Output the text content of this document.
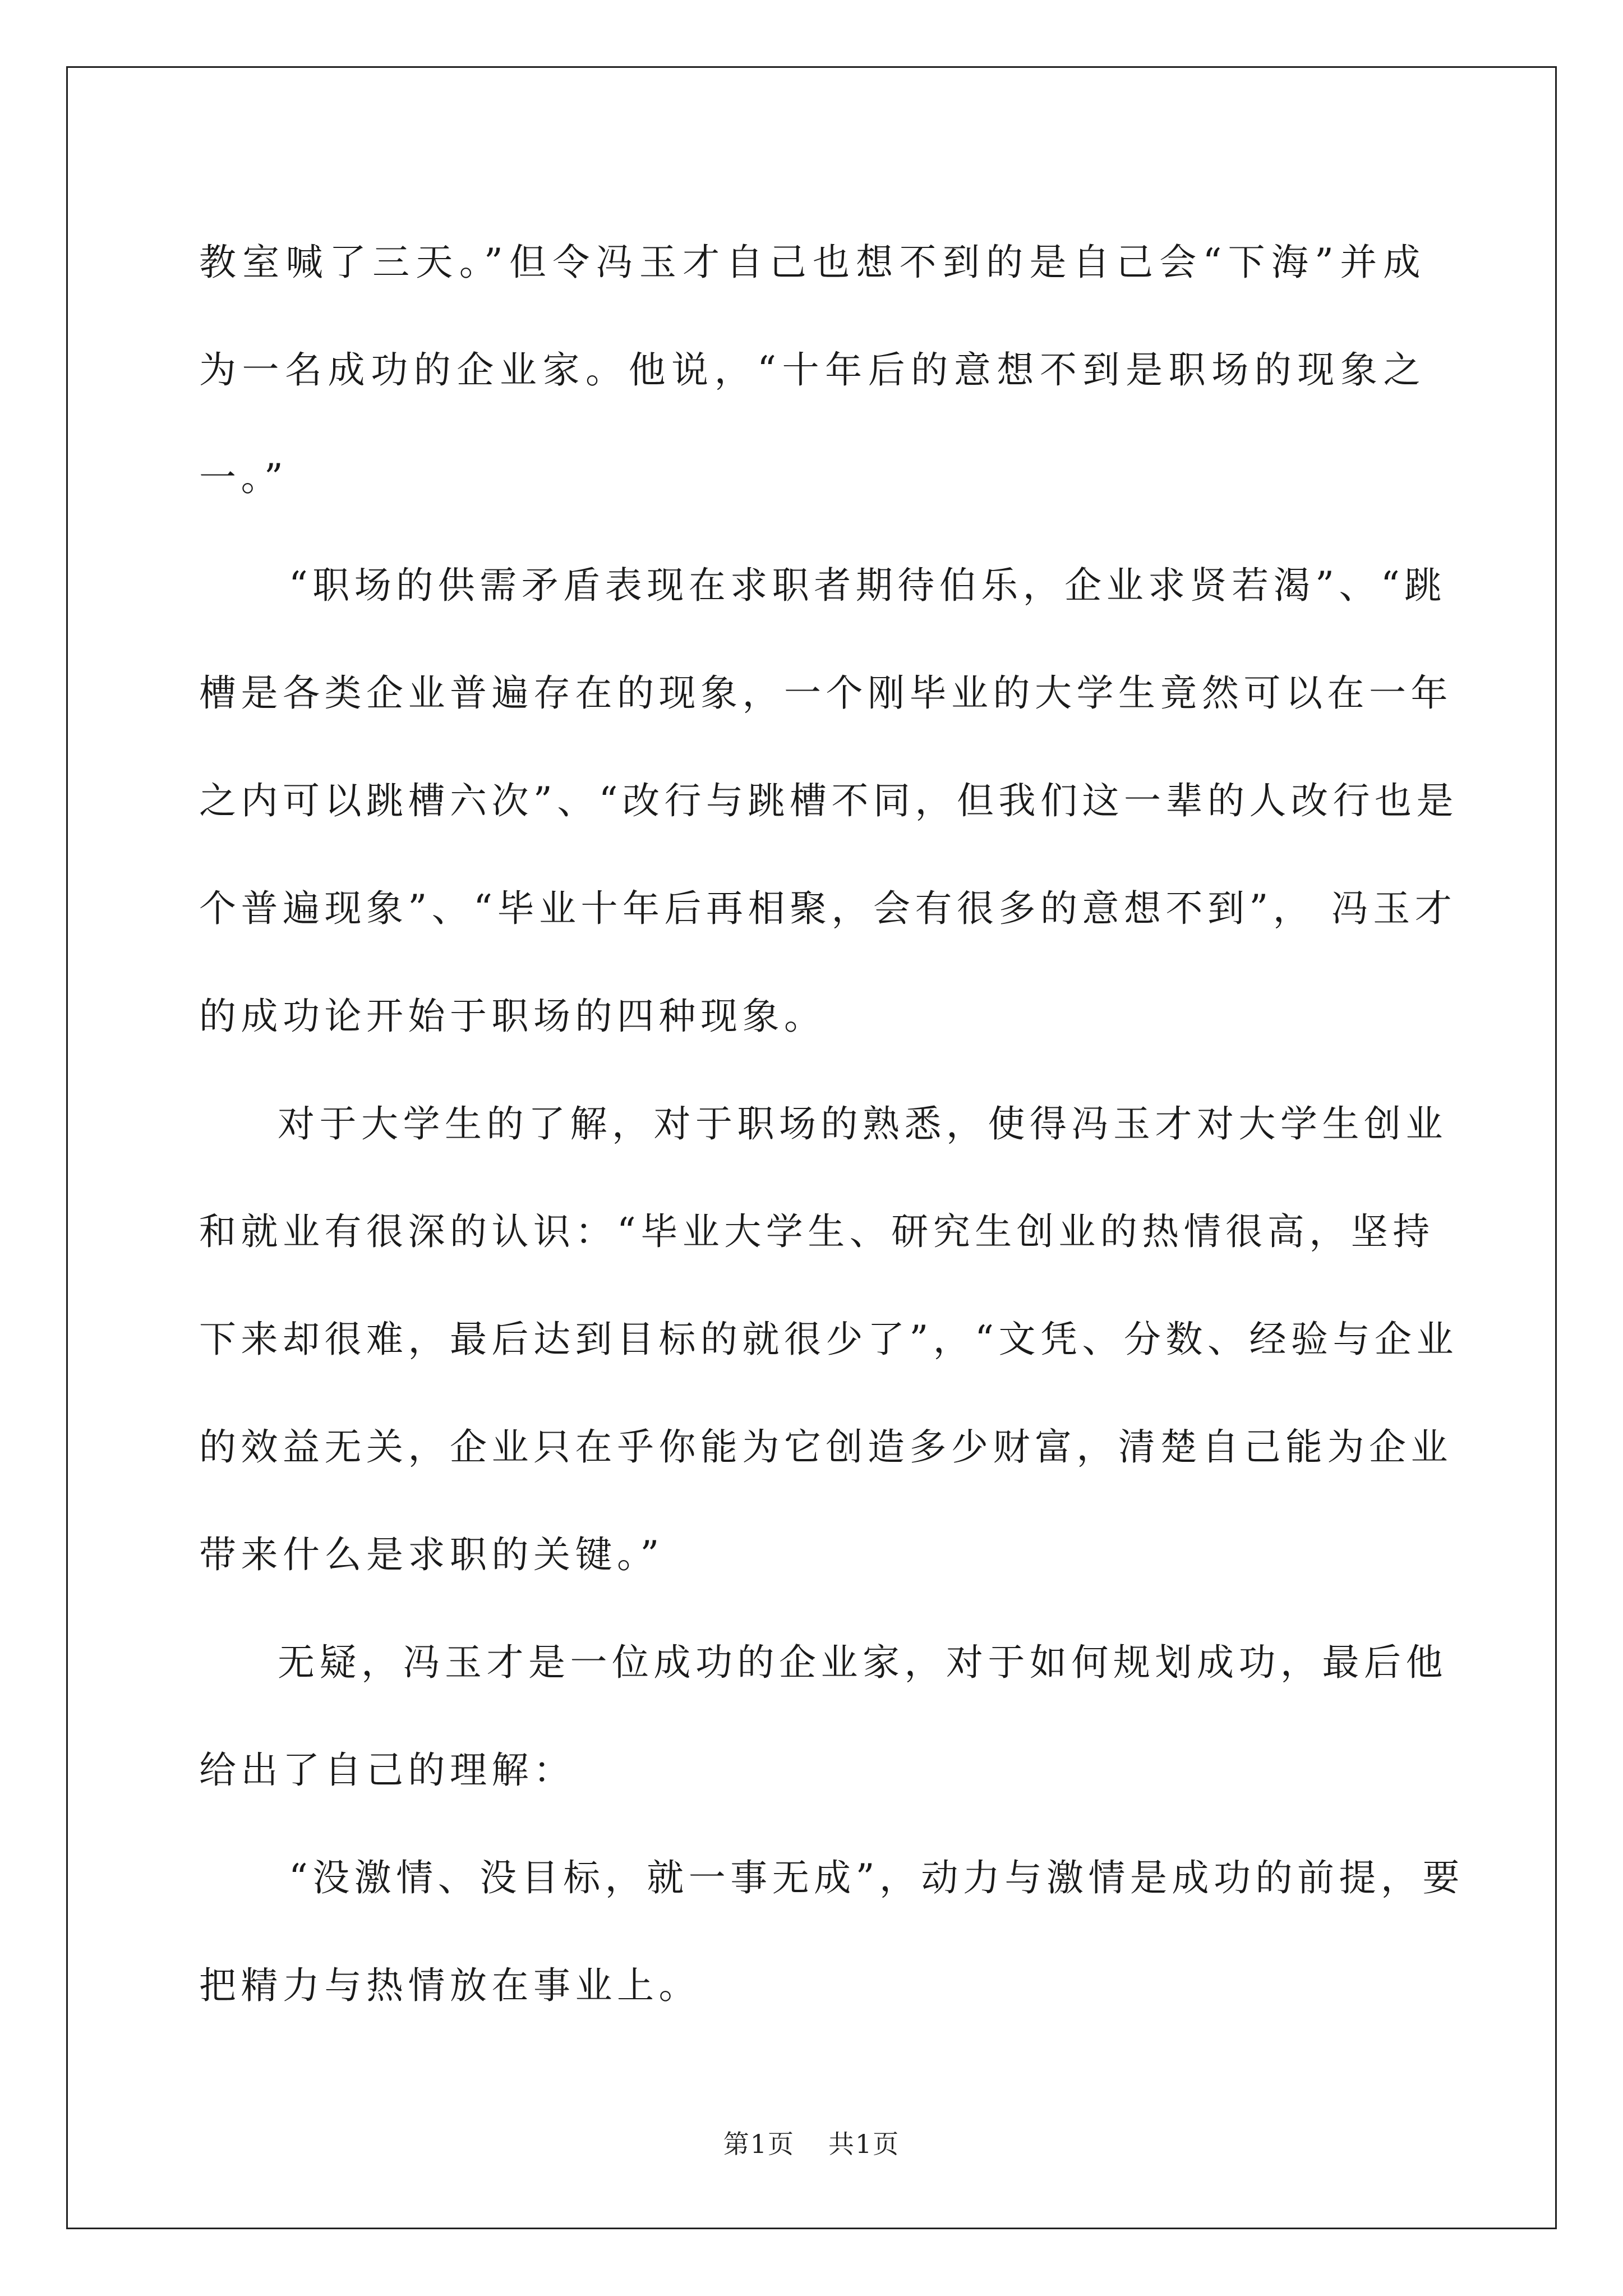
教室喊了三天。”但令冯玉才自己也想不到的是自己会“下海”并成
为一名成功的企业家。他说，“十年后的意想不到是职场的现象之
一。”

“职场的供需矛盾表现在求职者期待伯乐，企业求贤若渴”、“跳
槽是各类企业普遍存在的现象，一个刚毕业的大学生竟然可以在一年
之内可以跳槽六次”、“改行与跳槽不同，但我们这一辈的人改行也是
个普遍现象”、“毕业十年后再相聚，会有很多的意想不到”， 冯玉才
的成功论开始于职场的四种现象。

对于大学生的了解，对于职场的熟悉，使得冯玉才对大学生创业
和就业有很深的认识：“毕业大学生、研究生创业的热情很高，坚持
下来却很难，最后达到目标的就很少了”，“文凭、分数、经验与企业
的效益无关，企业只在乎你能为它创造多少财富，清楚自己能为企业
带来什么是求职的关键。”

无疑，冯玉才是一位成功的企业家，对于如何规划成功，最后他
给出了自己的理解：

“没激情、没目标，就一事无成”，动力与激情是成功的前提，要
把精力与热情放在事业上。

第1页 共1页
